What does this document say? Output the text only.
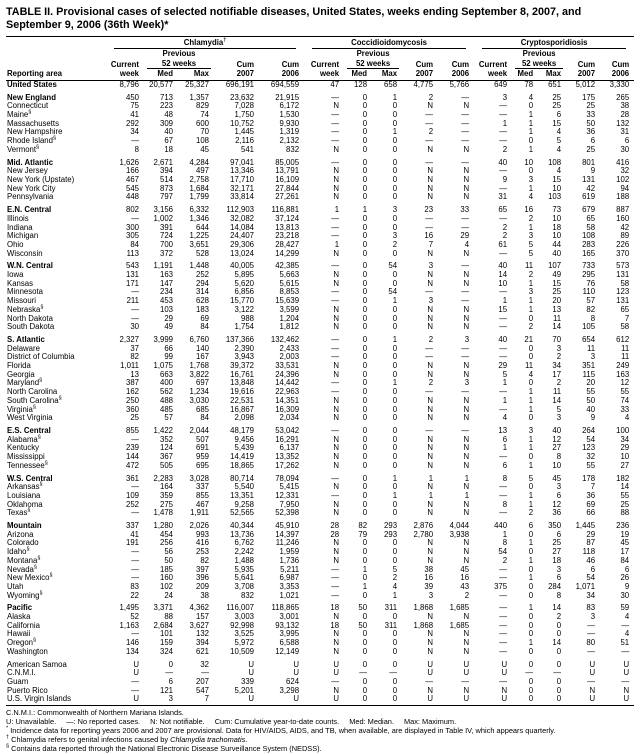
TABLE II. Provisional cases of selected notifiable diseases, United States, weeks ending September 8, 2007, and September 9, 2006 (36th Week)*

	Chlamydia†					Coccidioidomycosis					Cryptosporidiosis				

		Previous					Previous					Previous			
	Current	52 weeks		Cum	Cum	Current	52 weeks		Cum	Cum	Current	52 weeks		Cum	Cum
Reporting area	week	Med	Max	2007	2006	week	Med	Max	2007	2006	week	Med	Max	2007	2006
United States	8,796	20,577	25,327	696,191	694,559	47	128	658	4,775	5,766	649	78	651	5,012	3,330
New England	450	713	1,357	23,632	21,915	—	0	1	2	—	3	4	25	175	265
Connecticut	75	223	829	7,028	6,172	N	0	0	N	N	—	0	25	25	38
Maine§	41	48	74	1,750	1,530	—	0	0	—	—	—	1	6	33	28
Massachusetts	292	309	600	10,752	9,930	—	0	0	—	—	1	1	15	50	132
New Hampshire	34	40	70	1,445	1,319	—	0	1	2	—	—	1	4	36	31
Rhode Island§	—	67	108	2,116	2,132	—	0	0	—	—	—	0	5	6	6
Vermont§	8	18	45	541	832	N	0	0	N	N	2	1	4	25	30
Mid. Atlantic	1,626	2,671	4,284	97,041	85,005	—	0	0	—	—	40	10	108	801	416
New Jersey	166	394	497	13,346	13,791	N	0	0	N	N	—	0	4	9	32
New York (Upstate)	467	514	2,758	17,710	16,109	N	0	0	N	N	9	3	15	131	102
New York City	545	873	1,684	32,171	27,844	N	0	0	N	N	—	1	10	42	94
Pennsylvania	448	797	1,799	33,814	27,261	N	0	0	N	N	31	4	103	619	188
E.N. Central	802	3,156	6,332	112,903	116,881	1	1	3	23	33	65	16	73	679	887
Illinois	—	1,002	1,346	32,082	37,124	—	0	0	—	—	—	2	10	65	160
Indiana	300	391	644	14,084	13,813	—	0	0	—	—	2	1	18	58	42
Michigan	305	724	1,225	24,407	23,218	—	0	3	16	29	2	3	10	108	89
Ohio	84	700	3,651	29,306	28,427	1	0	2	7	4	61	5	44	283	226
Wisconsin	113	372	528	13,024	14,299	N	0	0	N	N	—	5	40	165	370
W.N. Central	543	1,191	1,448	40,005	42,385	—	0	54	3	—	40	11	107	733	573
Iowa	131	163	252	5,895	5,663	N	0	0	N	N	14	2	49	295	131
Kansas	171	147	294	5,620	5,615	N	0	0	N	N	10	1	15	76	58
Minnesota	—	234	314	6,856	8,853	—	0	54	—	—	—	3	25	110	123
Missouri	211	453	628	15,770	15,639	—	0	1	3	—	1	1	20	57	131
Nebraska§	—	103	183	3,122	3,599	N	0	0	N	N	15	1	13	82	65
North Dakota	—	29	69	988	1,204	N	0	0	N	N	—	0	11	8	7
South Dakota	30	49	84	1,754	1,812	N	0	0	N	N	—	2	14	105	58
S. Atlantic	2,327	3,999	6,760	137,366	132,462	—	0	1	2	3	40	21	70	654	612
Delaware	37	66	140	2,390	2,433	—	0	0	—	—	—	0	3	11	11
District of Columbia	82	99	167	3,943	2,003	—	0	0	—	—	—	0	2	3	11
Florida	1,011	1,075	1,768	39,372	33,531	N	0	0	N	N	29	11	34	351	249
Georgia	13	663	3,822	16,761	24,396	N	0	0	N	N	5	4	17	115	163
Maryland§	387	400	697	13,848	14,442	—	0	1	2	3	1	0	2	20	12
North Carolina	162	562	1,234	19,616	22,963	—	0	0	—	—	—	1	11	55	55
South Carolina§	250	488	3,030	22,531	14,351	N	0	0	N	N	1	1	14	50	74
Virginia§	360	485	685	16,867	16,309	N	0	0	N	N	—	1	5	40	33
West Virginia	25	57	84	2,098	2,034	N	0	0	N	N	4	0	3	9	4
E.S. Central	855	1,422	2,044	48,179	53,042	—	0	0	—	—	13	3	40	264	100
Alabama§	—	352	507	9,456	16,291	N	0	0	N	N	6	1	12	54	34
Kentucky	239	124	691	5,439	6,137	N	0	0	N	N	1	1	27	123	29
Mississippi	144	367	959	14,419	13,352	N	0	0	N	N	—	0	8	32	10
Tennessee§	472	505	695	18,865	17,262	N	0	0	N	N	6	1	10	55	27
W.S. Central	361	2,283	3,028	80,714	78,094	—	0	1	1	1	8	5	45	178	182
Arkansas§	—	164	337	5,540	5,415	N	0	0	N	N	—	0	3	7	14
Louisiana	109	359	855	13,351	12,331	—	0	1	1	1	—	1	6	36	55
Oklahoma	252	275	467	9,258	7,950	N	0	0	N	N	8	1	12	69	25
Texas§	—	1,478	1,911	52,565	52,398	N	0	0	N	N	—	2	36	66	88
Mountain	337	1,280	2,026	40,344	45,910	28	82	293	2,876	4,044	440	6	350	1,445	236
Arizona	41	454	993	13,736	14,397	28	79	293	2,780	3,938	1	0	6	29	19
Colorado	191	256	416	6,762	11,246	N	0	0	N	N	8	1	25	87	45
Idaho§	—	56	253	2,242	1,959	N	0	0	N	N	54	0	27	118	17
Montana§	—	50	82	1,488	1,736	N	0	0	N	N	2	1	18	46	84
Nevada§	—	185	397	5,935	5,211	—	1	5	38	45	—	0	3	6	6
New Mexico§	—	160	396	5,641	6,987	—	0	2	16	16	—	1	6	54	26
Utah	83	102	209	3,708	3,353	—	1	4	39	43	375	0	284	1,071	9
Wyoming§	22	24	38	832	1,021	—	0	1	3	2	—	0	8	34	30
Pacific	1,495	3,371	4,362	116,007	118,865	18	50	311	1,868	1,685	—	1	14	83	59
Alaska	52	88	157	3,003	3,001	N	0	0	N	N	—	0	2	3	4
California	1,163	2,684	3,627	92,998	93,132	18	50	311	1,868	1,685	—	0	0	—	—
Hawaii	—	101	132	3,525	3,995	N	0	0	N	N	—	0	0	—	4
Oregon§	146	159	394	5,972	6,588	N	0	0	N	N	—	1	14	80	51
Washington	134	324	621	10,509	12,149	N	0	0	N	N	—	0	0	—	—
American Samoa	U	0	32	U	U	U	0	0	U	U	U	0	0	U	U
C.N.M.I.	U	—	—	U	U	U	—	—	U	U	U	—	—	U	U
Guam	—	6	207	339	624	—	0	0	—	—	—	0	0	—	—
Puerto Rico	—	121	547	5,201	3,298	N	0	0	N	N	N	0	0	N	N
U.S. Virgin Islands	U	3	7	U	U	U	0	0	U	U	U	0	0	U	U
C.N.M.I.: Commonwealth of Northern Mariana Islands.
U: Unavailable. —: No reported cases. N: Not notifiable. Cum: Cumulative year-to-date counts. Med: Median. Max: Maximum.
* Incidence data for reporting years 2006 and 2007 are provisional. Data for HIV/AIDS, AIDS, and TB, when available, are displayed in Table IV, which appears quarterly.
† Chlamydia refers to genital infections caused by Chlamydia trachomatis.
§ Contains data reported through the National Electronic Disease Surveillance System (NEDSS).
